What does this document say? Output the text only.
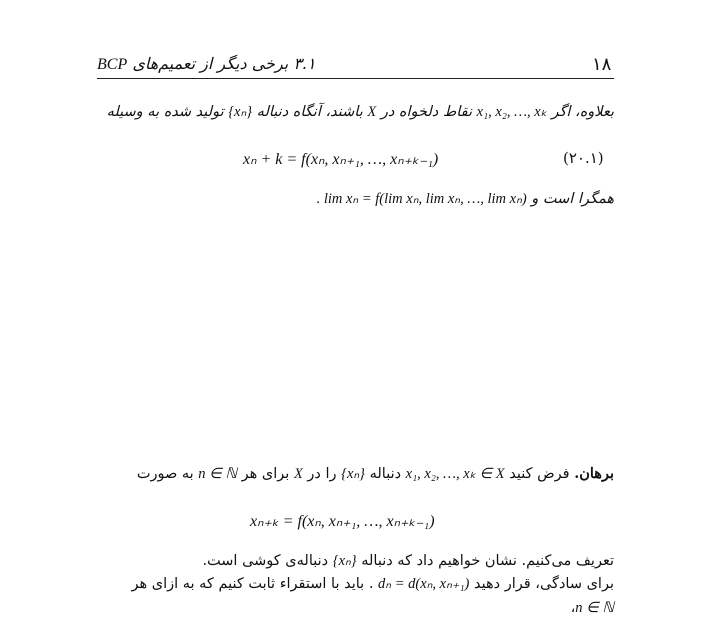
۱۸
۳.۱ برخی دیگر از تعمیم‌های BCP
بعلاوه، اگر x₁, x₂, …, xₖ نقاط دلخواه در X باشند، آنگاه دنباله {xₙ} تولید شده به وسیله
xₙ + k = f(xₙ, xₙ₊₁, …, xₙ₊ₖ₋₁)	(۲۰.۱)
همگرا است و lim xₙ = f(lim xₙ, lim xₙ, …, lim xₙ) .
برهان. فرض کنید x₁, x₂, …, xₖ ∈ X دنباله {xₙ} را در X برای هر n ∈ ℕ به صورت
xₙ₊ₖ = f(xₙ, xₙ₊₁, …, xₙ₊ₖ₋₁)
تعریف می‌کنیم. نشان خواهیم داد که دنباله {xₙ} دنباله‌ی کوشی است.
برای سادگی، قرار دهید dₙ = d(xₙ, xₙ₊₁) . باید با استقراء ثابت کنیم که به ازای هر
n ∈ ℕ،
